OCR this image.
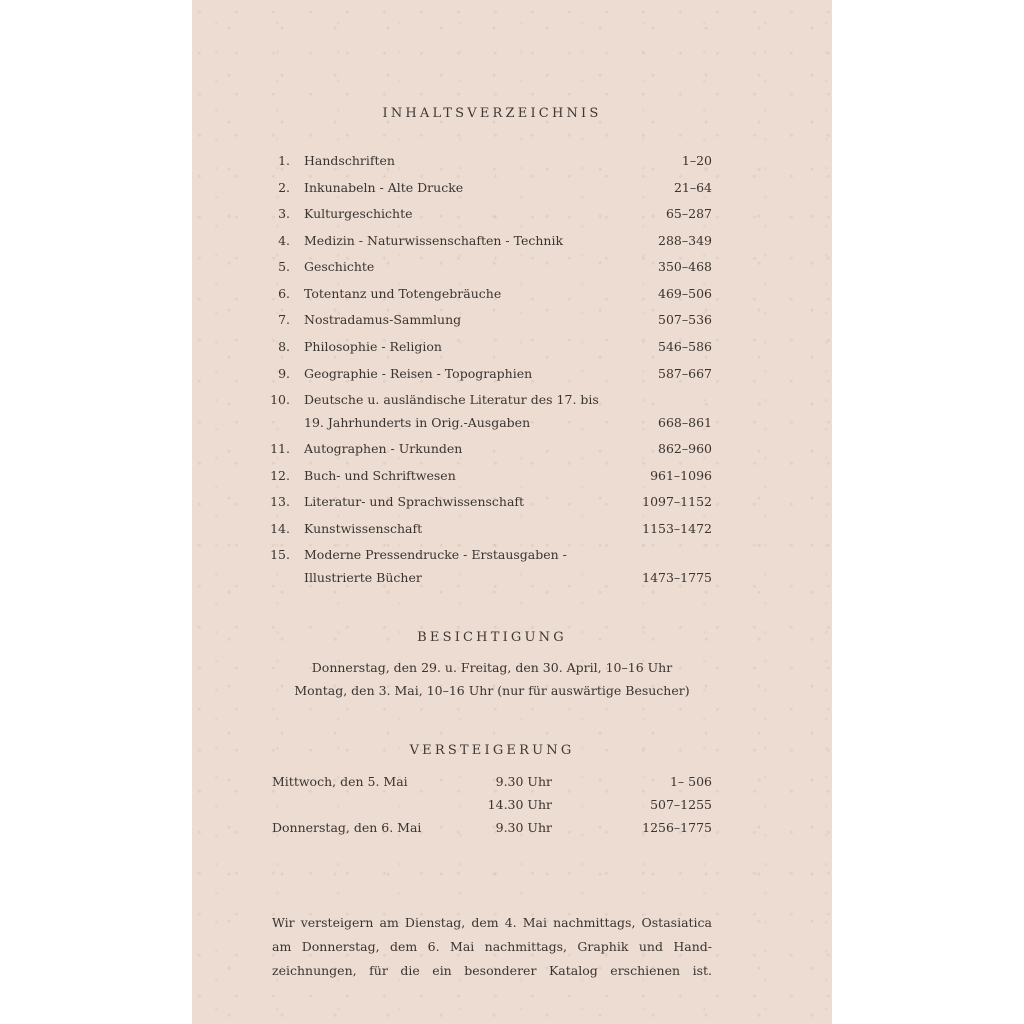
INHALTSVERZEICHNIS
1. Handschriften	1–20
2. Inkunabeln - Alte Drucke	21–64
3. Kulturgeschichte	65–287
4. Medizin - Naturwissenschaften - Technik	288–349
5. Geschichte	350–468
6. Totentanz und Totengebräuche	469–506
7. Nostradamus-Sammlung	507–536
8. Philosophie - Religion	546–586
9. Geographie - Reisen - Topographien	587–667
10. Deutsche u. ausländische Literatur des 17. bis
19. Jahrhunderts in Orig.-Ausgaben	668–861
11. Autographen - Urkunden	862–960
12. Buch- und Schriftwesen	961–1096
13. Literatur- und Sprachwissenschaft	1097–1152
14. Kunstwissenschaft	1153–1472
15. Moderne Pressendrucke - Erstausgaben -
Illustrierte Bücher	1473–1775
BESICHTIGUNG
Donnerstag, den 29. u. Freitag, den 30. April, 10–16 Uhr
Montag, den 3. Mai, 10–16 Uhr (nur für auswärtige Besucher)
VERSTEIGERUNG
Mittwoch, den 5. Mai	9.30 Uhr	1– 506
14.30 Uhr	507–1255
Donnerstag, den 6. Mai	9.30 Uhr	1256–1775
Wir versteigern am Dienstag, dem 4. Mai nachmittags, Ostasiatica
am Donnerstag, dem 6. Mai nachmittags, Graphik und Hand-
zeichnungen, für die ein besonderer Katalog erschienen ist.
